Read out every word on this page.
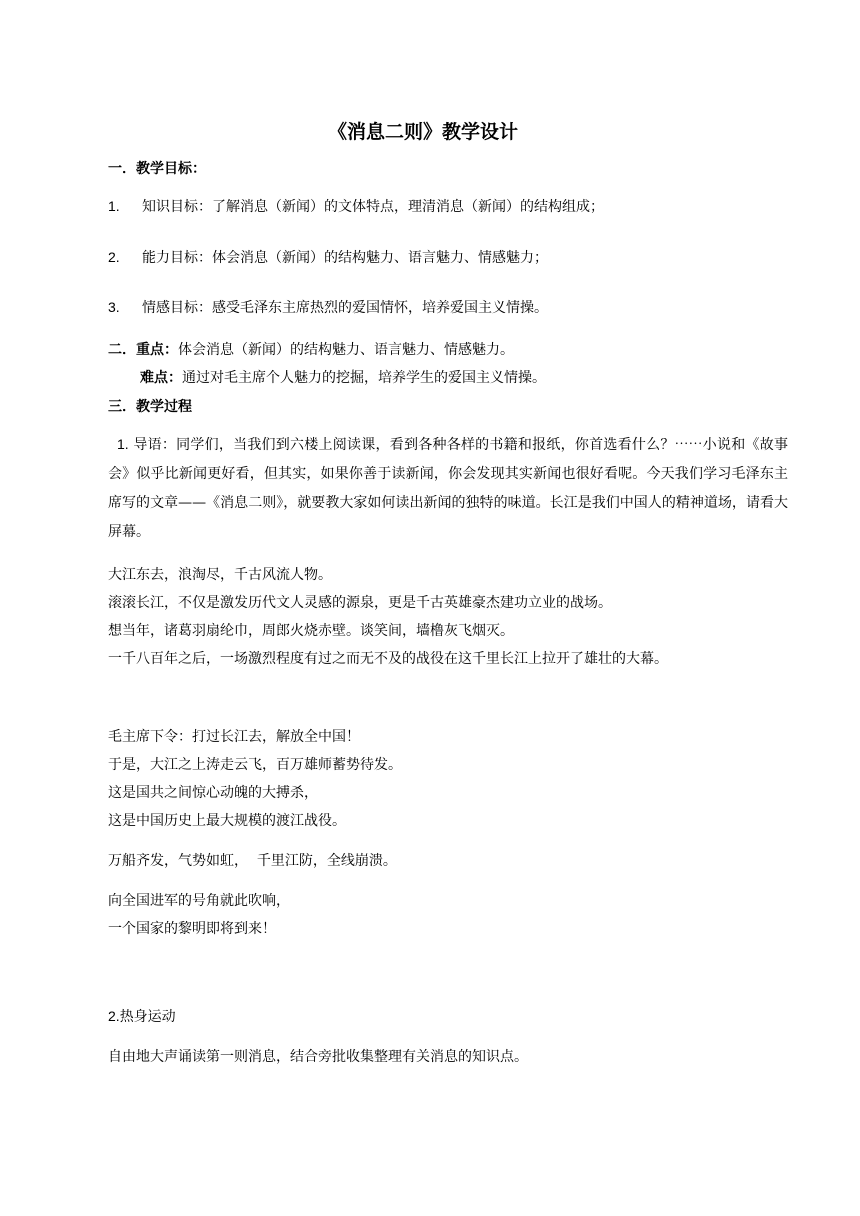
《消息二则》教学设计
一．教学目标：
1. 知识目标：了解消息（新闻）的文体特点，理清消息（新闻）的结构组成；
2. 能力目标：体会消息（新闻）的结构魅力、语言魅力、情感魅力；
3. 情感目标：感受毛泽东主席热烈的爱国情怀，培养爱国主义情操。
二．重点：体会消息（新闻）的结构魅力、语言魅力、情感魅力。
难点：通过对毛主席个人魅力的挖掘，培养学生的爱国主义情操。
三．教学过程
1. 导语：同学们，当我们到六楼上阅读课，看到各种各样的书籍和报纸，你首选看什么？⋯⋯小说和《故事会》似乎比新闻更好看，但其实，如果你善于读新闻，你会发现其实新闻也很好看呢。今天我们学习毛泽东主席写的文章——《消息二则》，就要教大家如何读出新闻的独特的味道。长江是我们中国人的精神道场，请看大屏幕。
大江东去，浪淘尽，千古风流人物。
滚滚长江，不仅是激发历代文人灵感的源泉，更是千古英雄豪杰建功立业的战场。
想当年，诸葛羽扇纶巾，周郎火烧赤壁。谈笑间，墙橹灰飞烟灭。
一千八百年之后，一场激烈程度有过之而无不及的战役在这千里长江上拉开了雄壮的大幕。
毛主席下令：打过长江去，解放全中国！
于是，大江之上涛走云飞，百万雄师蓄势待发。
这是国共之间惊心动魄的大搏杀，
这是中国历史上最大规模的渡江战役。
万船齐发，气势如虹，  千里江防，全线崩溃。
向全国进军的号角就此吹响，
一个国家的黎明即将到来！
2.热身运动
自由地大声诵读第一则消息，结合旁批收集整理有关消息的知识点。
